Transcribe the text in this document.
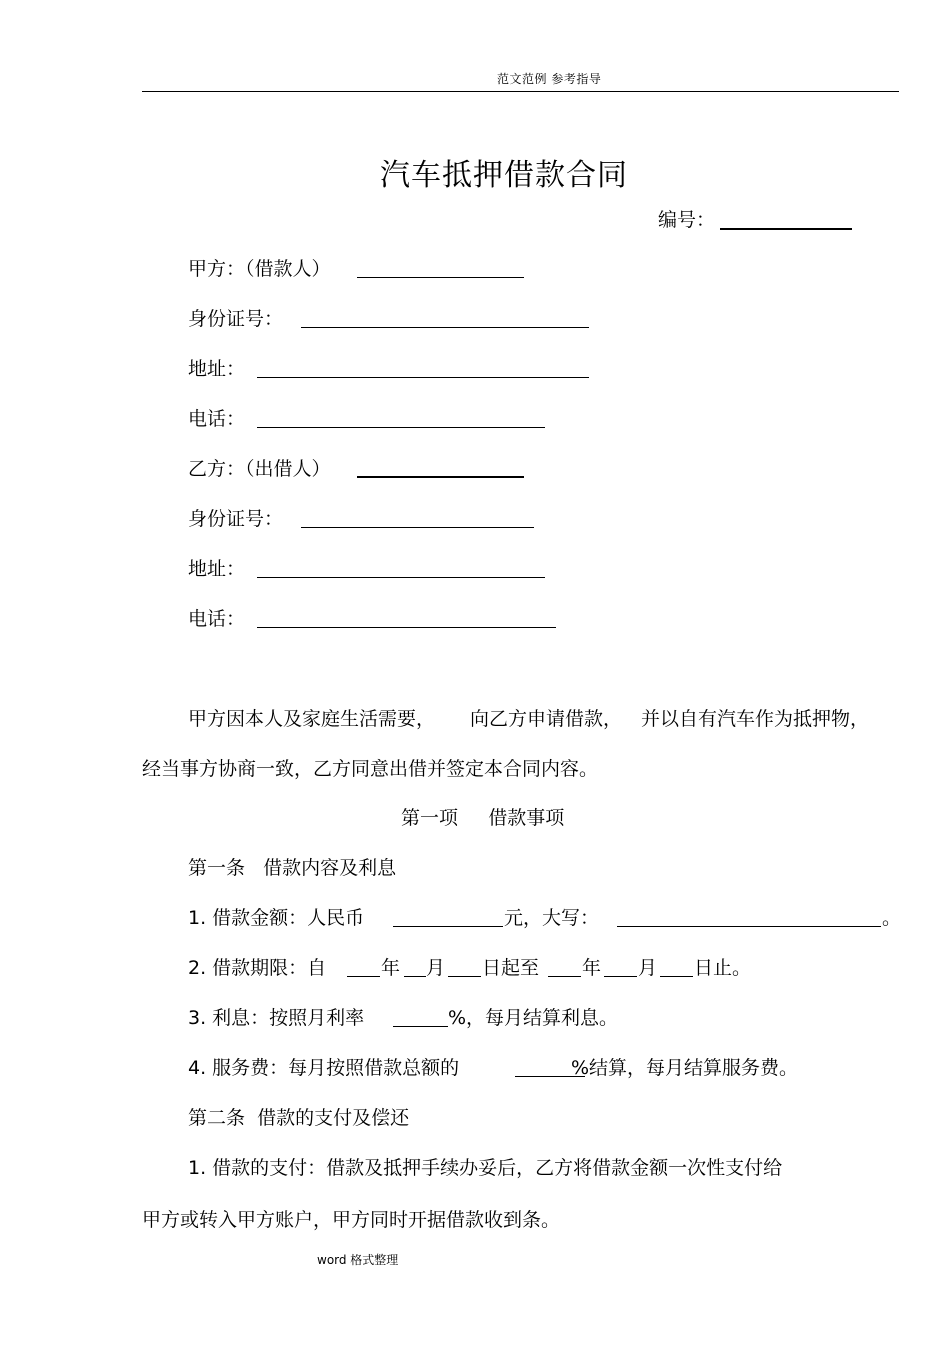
范文范例 参考指导
汽车抵押借款合同
编号：
甲方：（借款人）
身份证号：
地址：
电话：
乙方：（出借人）
身份证号：
地址：
电话：
甲方因本人及家庭生活需要， 向乙方申请借款， 并以自有汽车作为抵押物，
经当事方协商一致，乙方同意出借并签定本合同内容。
第一项     借款事项
第一条   借款内容及利息
1. 借款金额：人民币	元，大写：	。
2. 借款期限：自	年 月 日起至 年 月 日止。
3. 利息：按照月利率	%，每月结算利息。
4. 服务费：每月按照借款总额的	%结算，每月结算服务费。
第二条  借款的支付及偿还
1. 借款的支付：借款及抵押手续办妥后，乙方将借款金额一次性支付给
甲方或转入甲方账户，甲方同时开据借款收到条。
word 格式整理
